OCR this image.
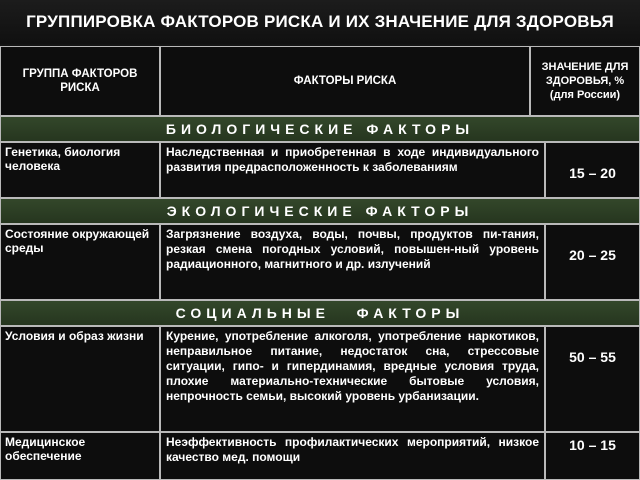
ГРУППИРОВКА ФАКТОРОВ РИСКА И ИХ ЗНАЧЕНИЕ ДЛЯ ЗДОРОВЬЯ
ГРУППА ФАКТОРОВ РИСКА
ФАКТОРЫ РИСКА
ЗНАЧЕНИЕ ДЛЯ ЗДОРОВЬЯ, % (для России)
БИОЛОГИЧЕСКИЕ ФАКТОРЫ
Генетика, биология человека
Наследственная и приобретенная в ходе индивидуального развития предрасположенность к заболеваниям	15 – 20
ЭКОЛОГИЧЕСКИЕ ФАКТОРЫ
Состояние окружающей среды
Загрязнение воздуха, воды, почвы, продуктов пи-тания, резкая смена погодных условий, повышен-ный уровень радиационного, магнитного и др. излучений
20 – 25
СОЦИАЛЬНЫЕ   ФАКТОРЫ
Условия и образ жизни	Курение, употребление алкоголя, употребление наркотиков, неправильное питание, недостаток сна, стрессовые ситуации, гипо- и гипердинамия, вредные условия труда, плохие материально-технические бытовые условия, непрочность семьи, высокий уровень урбанизации.
50 – 55
Медицинское обеспечение
Неэффективность профилактических мероприятий, низкое качество мед. помощи
10 – 15
